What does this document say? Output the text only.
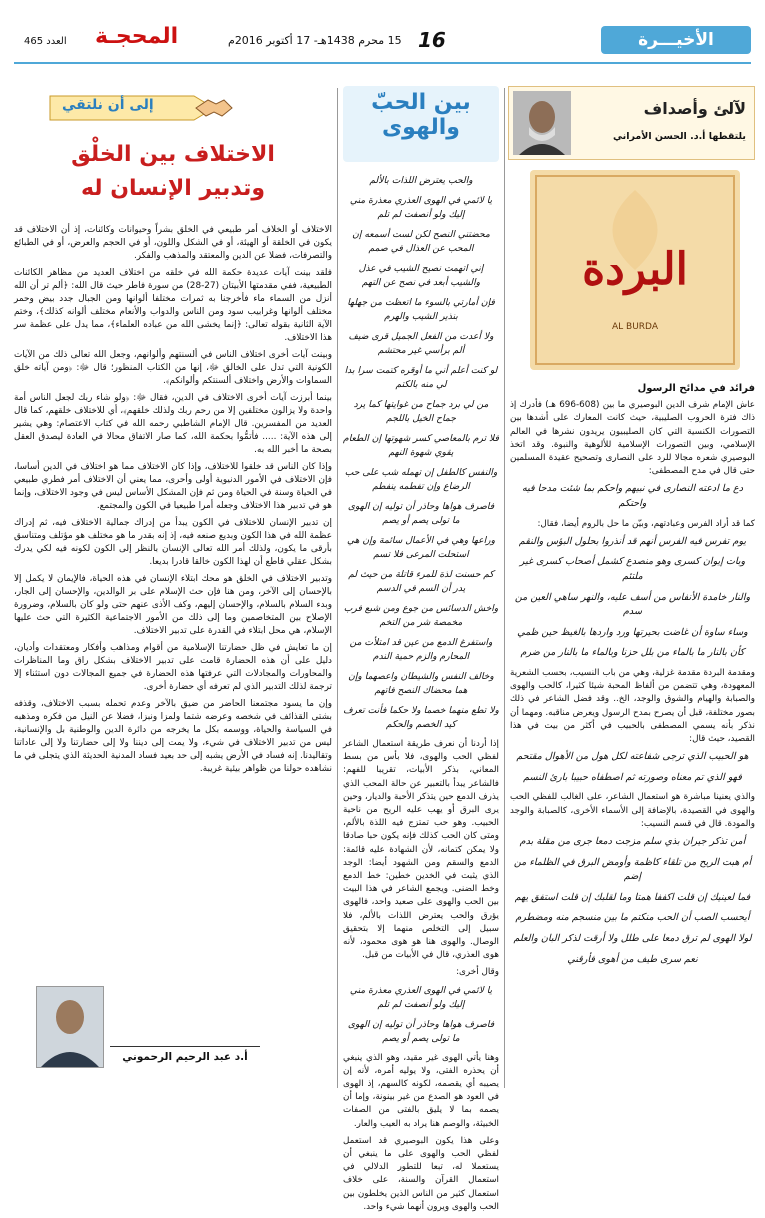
الأخيـــرة
16
15 محرم 1438هـ- 17 أكتوبر 2016م
المحجـة
العدد 465
لآلئ وأصداف
يلتقطها أ.د. الحسن الأمراني
البردة
AL BURDA

فرائد في مدائح الرسول

عاش الإمام شرف الدين البوصيري ما بين (608-696 هـ) فأدرك إذ ذاك فترة الحروب الصليبية، حيث كانت المعارك على أشدها بين التصورات الكنسية التي كان الصليبيون يريدون نشرها في العالم الإسلامي، وبين التصورات الإسلامية للألوهية والنبوة. وقد اتخذ البوصيري شعره مجالا للرد على النصارى وتصحيح عقيدة المسلمين حتى قال في مدح المصطفى:

دع ما ادعته النصارى في نبيهم واحكم بما شئت مدحا فيه واحتكم

كما قد أراد الفرس وعبادتهم، وبيّن ما حل بالروم أيضا، فقال:

يوم تفرس فيه الفرس أنهم قد أنذروا بحلول البؤس والنقم

وبات إيوان كسرى وهو منصدع كشمل أصحاب كسرى غير ملتئم

والنار خامدة الأنفاس من أسف عليه، والنهر ساهي العين من سدم

وساء ساوة أن غاضت بحيرتها ورد واردها بالغيظ حين ظمي

كأن بالنار ما بالماء من بلل حزنا وبالماء ما بالنار من ضرم

ومقدمة البردة مقدمة غزلية، وهي من باب النسيب، بحسب الشعرية المعهودة، وهي تتضمن من ألفاظ المحبة شيئا كثيرا، كالحب والهوى والصبابة والهيام والشوق والوجد، الخ.. وقد فضل الشاعر في ذلك بصور مختلفة، قبل أن يصرح بمدح الرسول ويعرض مناقبه. ومهما أن نذكر بأنه يسمي المصطفى بالحبيب في أكثر من بيت في هذا القصيد، حيث قال:

هو الحبيب الذي ترجى شفاعته لكل هول من الأهوال مقتحم

فهو الذي تم معناه وصورته ثم اصطفاه حبيبا بارئ النسم

والذي يعنينا مباشرة هو استعمال الشاعر، على الغالب للفظي الحب والهوى في القصيدة، بالإضافة إلى الأسماء الأخرى، كالصبابة والوجد والمودة. قال في قسم النسيب:

أمن تذكر جيران بذي سلم مزجت دمعا جرى من مقلة بدم

أم هبت الريح من تلقاء كاظمة وأومض البرق في الظلماء من إضم

فما لعينيك إن قلت اكففا همتا وما لقلبك إن قلت استفق يهم

أيحسب الصب أن الحب منكتم ما بين منسجم منه ومضطرم

لولا الهوى لم ترق دمعا على طلل ولا أرقت لذكر البان والعلم

نعم سرى طيف من أهوى فأرقني

بين الحبّ
والهوى

والحب يعترض اللذات بالألم

يا لائمي في الهوى العذري معذرة مني إليك ولو أنصفت لم تلم

محضتني النصح لكن لست أسمعه إن المحب عن العذال في صمم

إني اتهمت نصيح الشيب في عذل والشيب أبعد في نصح عن التهم

فإن أمارتي بالسوء ما اتعظت من جهلها بنذير الشيب والهرم

ولا أعدت من الفعل الجميل قرى ضيف ألم برأسي غير محتشم

لو كنت أعلم أني ما أوقره كتمت سرا بدا لي منه بالكتم

من لي برد جماح من غوايتها كما يرد جماح الخيل باللجم

فلا ترم بالمعاصي كسر شهوتها إن الطعام يقوي شهوة النهم

والنفس كالطفل إن تهمله شب على حب الرضاع وإن تفطمه ينفطم

فاصرف هواها وحاذر أن توليه إن الهوى ما تولى يصم أو يصم

وراعها وهي في الأعمال سائمة وإن هي استحلت المرعى فلا تسم

كم حسنت لذة للمرء قاتلة من حيث لم يدر أن السم في الدسم

واخش الدسائس من جوع ومن شبع فرب مخمصة شر من التخم

واستفرغ الدمع من عين قد امتلأت من المحارم والزم حمية الندم

وخالف النفس والشيطان واعصهما وإن هما محضاك النصح فاتهم

ولا تطع منهما خصما ولا حكما فأنت تعرف كيد الخصم والحكم

إذا أردنا أن نعرف طريقة استعمال الشاعر لفظي الحب والهوى، فلا بأس من بسط المعاني، بذكر الأبيات، تقريبا للفهم: فالشاعر يبدأ بالتعبير عن حالة المحب الذي يذرف الدمع حين يتذكر الأحبة والديار، وحين يرى البرق أو يهب عليه الريح من ناحية الحبيب. وهو حب تمتزج فيه اللذة بالألم، ومتى كان الحب كذلك فإنه يكون حبا صادقا ولا يمكن كتمانه، لأن الشهادة عليه قائمة: الدمع والسقم ومن الشهود أيضا: الوجد الذي يثبت في الخدين خطين: خط الدمع وخط الضنى. ويجمع الشاعر في هذا البيت بين الحب والهوى على صعيد واحد، فالهوى يؤرق والحب يعترض اللذات بالألم، فلا سبيل إلى التخلص منهما إلا بتحقيق الوصال. والهوى هنا هو هوى محمود، لأنه هوى العذري، قال في الأبيات من قبل.

وقال أخرى:

يا لائمي في الهوى العذري معذرة مني إليك ولو أنصفت لم تلم

فاصرف هواها وحاذر أن توليه إن الهوى ما تولى يصم أو يصم

وهنا يأتي الهوى غير مقيد، وهو الذي ينبغي أن يحذره الفتى، ولا يوليه أمره، لأنه إن يصيبه أي يقصمه، لكونه كالسهم، إذ الهوى في العود هو الصدع من غير بينونة، وإما أن يصمه بما لا يليق بالفتى من الصفات الخبيثة، والوصم هنا يراد به العيب والعار.

وعلى هذا يكون البوصيري قد استعمل لفظي الحب والهوى على ما ينبغي أن يستعملا له، تبعا للتطور الدلالي في استعمال القرآن والسنة، على خلاف استعمال كثير من الناس الذين يخلطون بين الحب والهوى ويرون أنهما شيء واحد.

إلى أن نلتقي
الاختلاف بين الخلْق
وتدبير الإنسان له

الاختلاف أو الخلاف أمر طبيعي في الخلق بشراً وحيوانات وكائنات، إذ أن الاختلاف قد يكون في الخلقة أو الهيئة، أو في الشكل واللون، أو في الحجم والعرض، أو في الطبائع والتصرفات، فضلا عن الدين والمعتقد والمذهب والفكر.

فلقد بينت آيات عديدة حكمة الله في خلقه من اختلاف العديد من مظاهر الكائنات الطبيعية، ففي مقدمتها الأبيتان (27-28) من سورة فاطر حيث قال الله: ﴿ألم تر أن الله أنزل من السماء ماء فأخرجنا به ثمرات مختلفا ألوانها ومن الجبال جدد بيض وحمر مختلف ألوانها وغرابيب سود ومن الناس والدواب والأنعام مختلف ألوانه كذلك﴾، وختم الآية الثانية بقوله تعالى: ﴿إنما يخشى الله من عباده العلماء﴾، مما يدل على عظمة سر هذا الاختلاف.

وبينت آيات أخرى اختلاف الناس في ألسنتهم وألوانهم، وجعل الله تعالى ذلك من الآيات الكونية التي تدل على الخالق ﷻ، إنها من الكتاب المنظور؛ قال ﷻ: ﴿ومن آياته خلق السماوات والأرض واختلاف ألسنتكم وألوانكم﴾.

بينما أبرزت آيات أخرى الاختلاف في الدين، فقال ﷻ: ﴿ولو شاء ربك لجعل الناس أمة واحدة ولا يزالون مختلفين إلا من رحم ربك ولذلك خلقهم﴾، أي للاختلاف خلقهم، كما قال العديد من المفسرين. قال الإمام الشاطبي رحمه الله في كتاب الاعتصام: وهي يشير إلى هذه الآية: ..... فأتمُّوا بحكمة الله، كما صار الاتفاق محالا في العادة ليصدق العقل بصحة ما أخبر الله به.

وإذا كان الناس قد خلقوا للاختلاف، وإذا كان الاختلاف مما هو اختلاف في الدين أساسا، فإن الاختلاف في الأمور الدنيوية أولى وأحرى، مما يعني أن الاختلاف أمر فطري طبيعي في الحياة وسنة في الحياة ومن ثم فإن المشكل الأساس ليس في وجود الاختلاف، وإنما هو في تدبير هذا الاختلاف وجعله أمرا طبيعيا في الكون والمجتمع.

إن تدبير الإنسان للاختلاف في الكون يبدأ من إدراك جمالية الاختلاف فيه، ثم إدراك عظمة الله في هذا الكون وبديع صنعه فيه، إذ إنه بقدر ما هو مختلف هو مؤتلف ومتناسق بأرقى ما يكون، ولذلك أمر الله تعالى الإنسان بالنظر إلى الكون لكونه فيه لكي يدرك بشكل عقلي قاطع أن لهذا الكون خالقا قادرا بديعا.

وتدبير الاختلاف في الخلق هو محك ابتلاء الإنسان في هذه الحياة، فالإيمان لا يكمل إلا بالإحسان إلى الآخر، ومن هنا فإن حث الإسلام على بر الوالدين، والإحسان إلى الجار، وبدء السلام بالسلام، والإحسان إليهم، وكف الأذى عنهم حتى ولو كان بالسلام، وضرورة الإصلاح بين المتخاصمين وما إلى ذلك من الأمور الاجتماعية الكثيرة التي حث عليها الإسلام، هي محل ابتلاء في القدرة على تدبير الاختلاف.

إن ما تعايش في ظل حضارتنا الإسلامية من أقوام ومذاهب وأفكار ومعتقدات وأديان، دليل على أن هذه الحضارة قامت على تدبير الاختلاف بشكل راق وما المناظرات والمحاورات والمجادلات التي عرفتها هذه الحضارة في جميع المجالات دون استثناء إلا ترجمة لذلك التدبير الذي لم تعرفه أي حضارة أخرى.

وإن ما يسود مجتمعنا الحاضر من ضيق بالآخر وعدم تحمله بسبب الاختلاف، وقذفه بشتى القذائف في شخصه وعرضه شتما ولمزا ونبزا، فضلا عن النيل من فكره ومذهبه في السياسة والحياة، ووسمه بكل ما يخرجه من دائرة الدين والوطنية بل والإنسانية، ليس من تدبير الاختلاف في شيء، ولا يمت إلى ديننا ولا إلى حضارتنا ولا إلى عاداتنا وتقاليدنا. إنه فساد في الأرض يشبه إلى حد بعيد فساد المدنية الحديثة الذي يتجلى في ما نشاهده حولنا من ظواهر بيئية غريبة.

أ.د عبد الرحيم الرحموني
